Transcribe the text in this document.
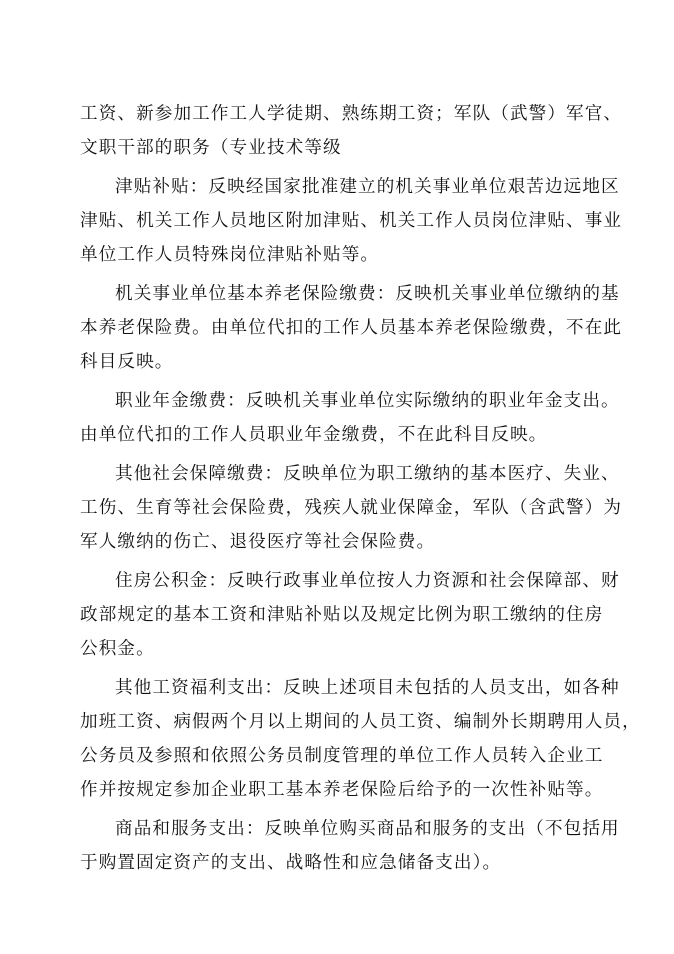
工资、新参加工作工人学徒期、熟练期工资；军队（武警）军官、
文职干部的职务（专业技术等级

津贴补贴：反映经国家批准建立的机关事业单位艰苦边远地区
津贴、机关工作人员地区附加津贴、机关工作人员岗位津贴、事业
单位工作人员特殊岗位津贴补贴等。

机关事业单位基本养老保险缴费：反映机关事业单位缴纳的基
本养老保险费。由单位代扣的工作人员基本养老保险缴费，不在此
科目反映。

职业年金缴费：反映机关事业单位实际缴纳的职业年金支出。
由单位代扣的工作人员职业年金缴费，不在此科目反映。

其他社会保障缴费：反映单位为职工缴纳的基本医疗、失业、
工伤、生育等社会保险费，残疾人就业保障金，军队（含武警）为
军人缴纳的伤亡、退役医疗等社会保险费。

住房公积金：反映行政事业单位按人力资源和社会保障部、财
政部规定的基本工资和津贴补贴以及规定比例为职工缴纳的住房
公积金。

其他工资福利支出：反映上述项目未包括的人员支出，如各种
加班工资、病假两个月以上期间的人员工资、编制外长期聘用人员，
公务员及参照和依照公务员制度管理的单位工作人员转入企业工
作并按规定参加企业职工基本养老保险后给予的一次性补贴等。

商品和服务支出：反映单位购买商品和服务的支出（不包括用
于购置固定资产的支出、战略性和应急储备支出）。
